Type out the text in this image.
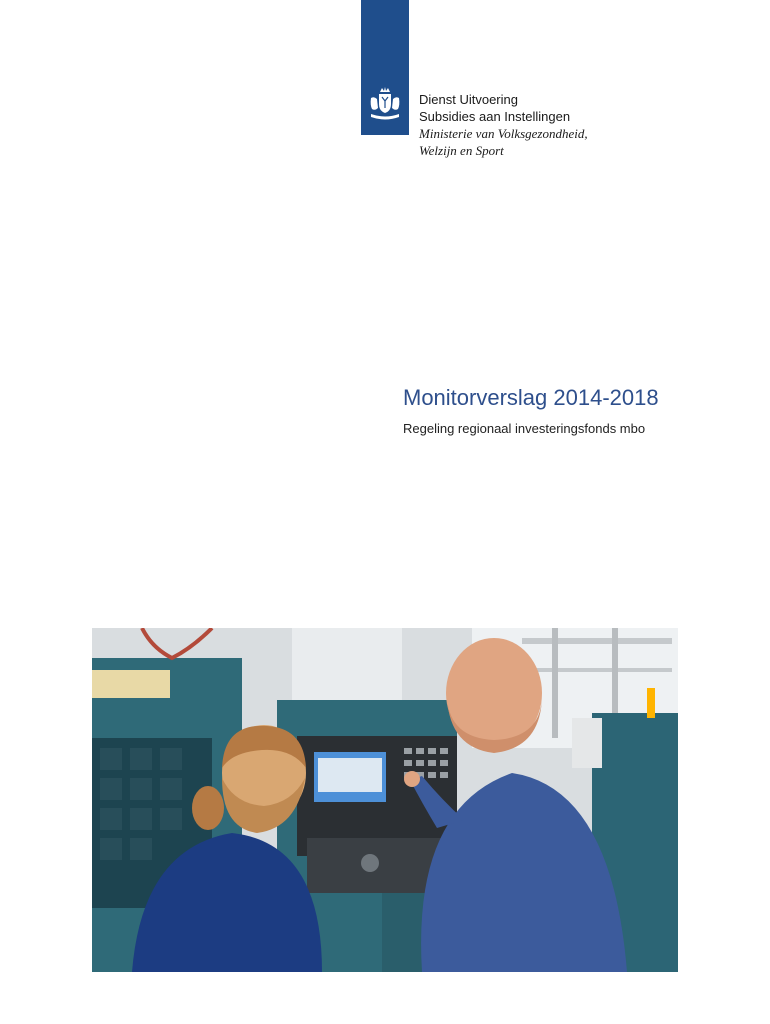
Dienst Uitvoering
Subsidies aan Instellingen
Ministerie van Volksgezondheid,
Welzijn en Sport
Monitorverslag 2014-2018
Regeling regionaal investeringsfonds mbo
